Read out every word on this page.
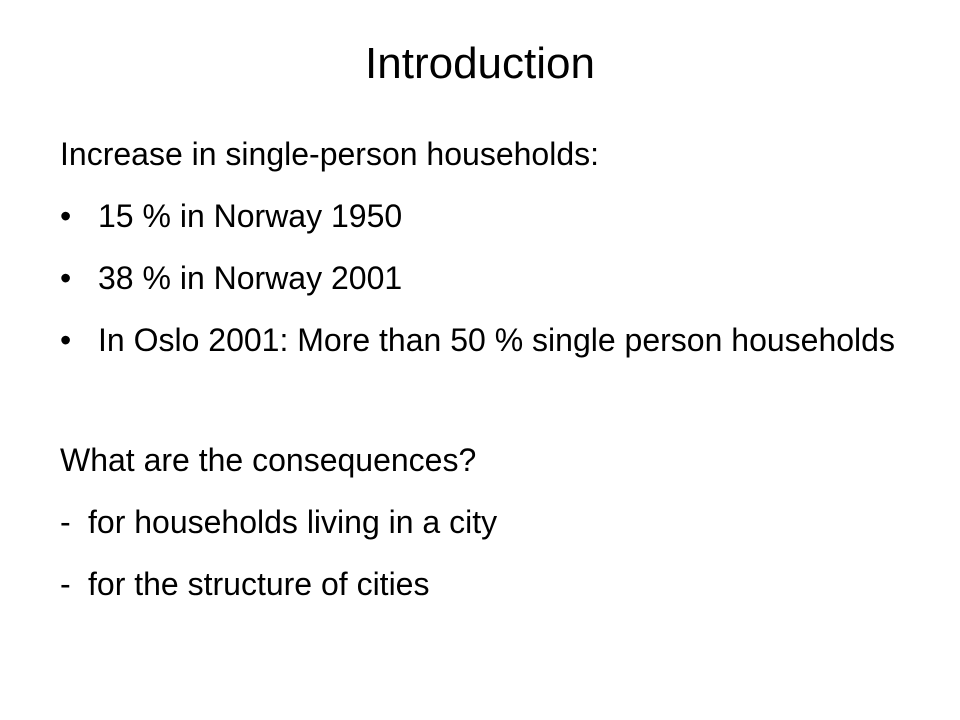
Introduction

Increase in single-person households:

• 15 % in Norway 1950
• 38 % in Norway 2001
• In Oslo 2001: More than 50 % single person households

What are the consequences?

- for households living in a city
- for the structure of cities
